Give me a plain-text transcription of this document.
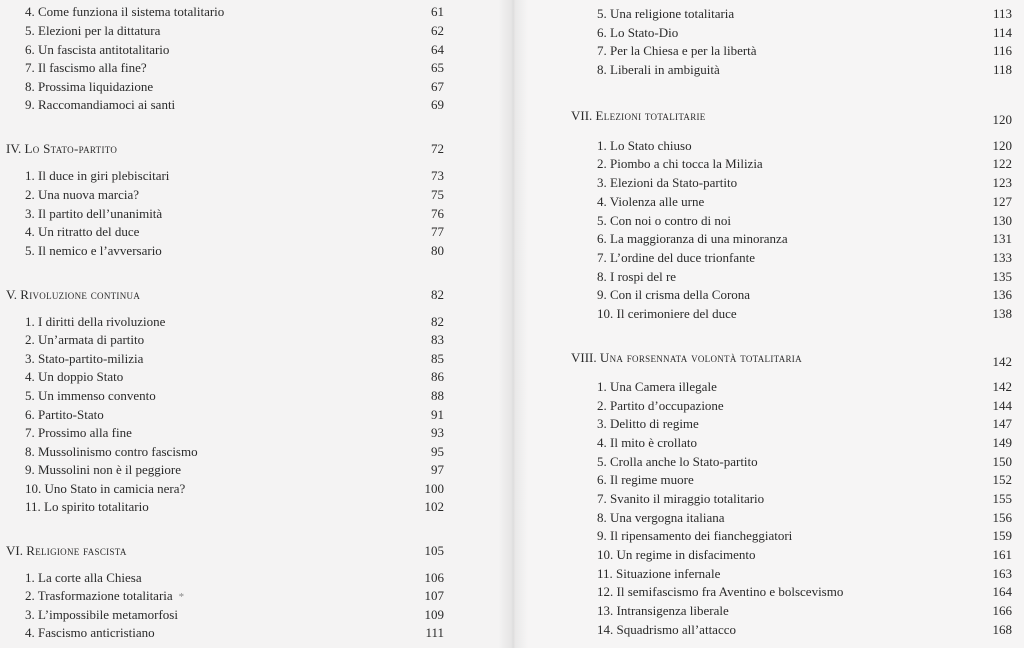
4. Come funziona il sistema totalitario	61
5. Elezioni per la dittatura	62
6. Un fascista antitotalitario	64
7. Il fascismo alla fine?	65
8. Prossima liquidazione	67
9. Raccomandiamoci ai santi	69
IV. Lo Stato-partito	72
1. Il duce in giri plebiscitari	73
2. Una nuova marcia?	75
3. Il partito dell’unanimità	76
4. Un ritratto del duce	77
5. Il nemico e l’avversario	80
V. Rivoluzione continua	82
1. I diritti della rivoluzione	82
2. Un’armata di partito	83
3. Stato-partito-milizia	85
4. Un doppio Stato	86
5. Un immenso convento	88
6. Partito-Stato	91
7. Prossimo alla fine	93
8. Mussolinismo contro fascismo	95
9. Mussolini non è il peggiore	97
10. Uno Stato in camicia nera?	100
11. Lo spirito totalitario	102
VI. Religione fascista	105
1. La corte alla Chiesa	106
2. Trasformazione totalitaria *	107
3. L’impossibile metamorfosi	109
4. Fascismo anticristiano	111
5. Una religione totalitaria	113
6. Lo Stato-Dio	114
7. Per la Chiesa e per la libertà	116
8. Liberali in ambiguità	118
VII. Elezioni totalitarie	120
1. Lo Stato chiuso	120
2. Piombo a chi tocca la Milizia	122
3. Elezioni da Stato-partito	123
4. Violenza alle urne	127
5. Con noi o contro di noi	130
6. La maggioranza di una minoranza	131
7. L’ordine del duce trionfante	133
8. I rospi del re	135
9. Con il crisma della Corona	136
10. Il cerimoniere del duce	138
VIII. Una forsennata volontà totalitaria	142
1. Una Camera illegale	142
2. Partito d’occupazione	144
3. Delitto di regime	147
4. Il mito è crollato	149
5. Crolla anche lo Stato-partito	150
6. Il regime muore	152
7. Svanito il miraggio totalitario	155
8. Una vergogna italiana	156
9. Il ripensamento dei fiancheggiatori	159
10. Un regime in disfacimento	161
11. Situazione infernale	163
12. Il semifascismo fra Aventino e bolscevismo	164
13. Intransigenza liberale	166
14. Squadrismo all’attacco	168
